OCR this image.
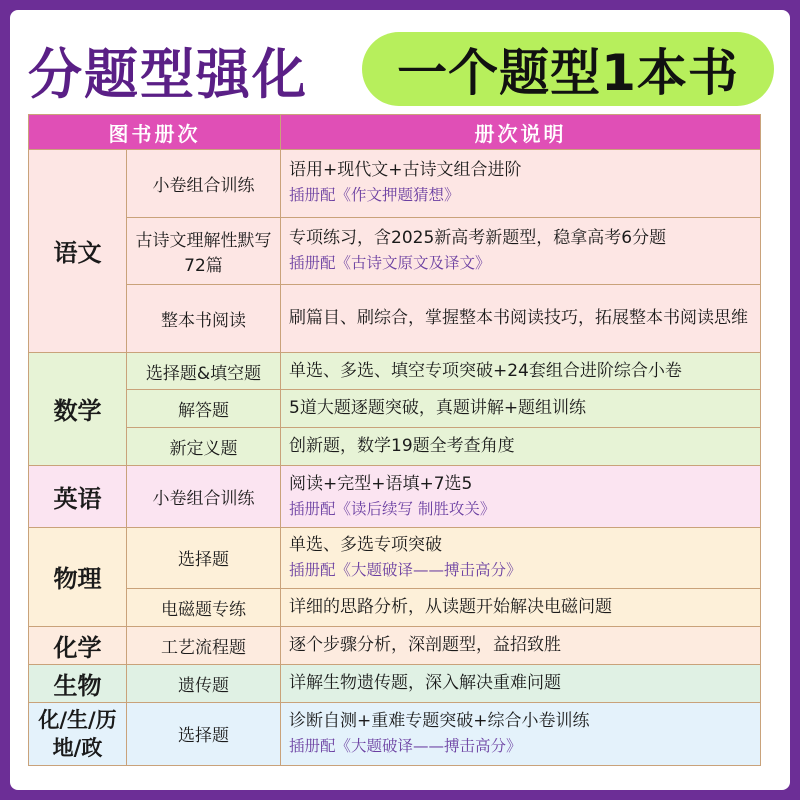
分题型强化	一个题型1本书
图书册次		册次说明
语文	小卷组合训练	语用+现代文+古诗文组合进阶
插册配《作文押题猜想》

	古诗文理解性默写 72篇	专项练习，含2025新高考新题型，稳拿高考6分题
插册配《古诗文原文及译文》

	整本书阅读	刷篇目、刷综合，掌握整本书阅读技巧，拓展整本书阅读思维
数学	选择题&填空题	单选、多选、填空专项突破+24套组合进阶综合小卷
	解答题	5道大题逐题突破，真题讲解+题组训练
	新定义题	创新题，数学19题全考查角度
英语	小卷组合训练	阅读+完型+语填+7选5
插册配《读后续写 制胜攻关》

物理	选择题	单选、多选专项突破
插册配《大题破译——搏击高分》

	电磁题专练	详细的思路分析，从读题开始解决电磁问题
化学	工艺流程题	逐个步骤分析，深剖题型，益招致胜
生物	遗传题	详解生物遗传题，深入解决重难问题
化/生/历地/政	选择题	诊断自测+重难专题突破+综合小卷训练
插册配《大题破译——搏击高分》
